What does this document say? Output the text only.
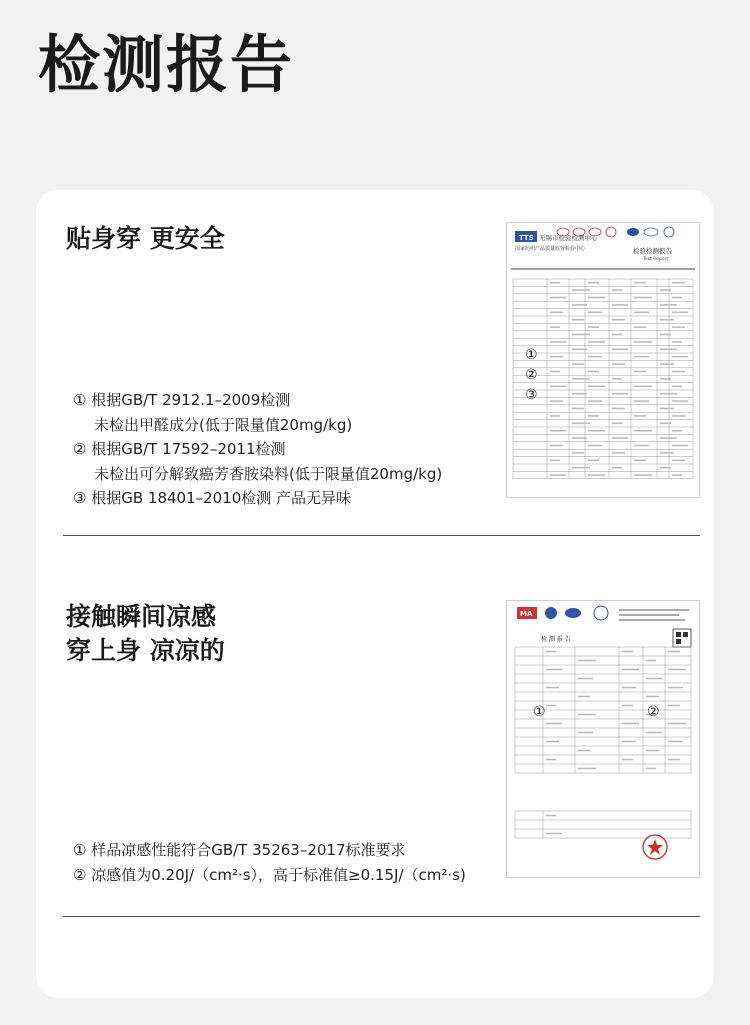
检测报告
贴身穿 更安全
① 根据GB/T 2912.1–2009检测
未检出甲醛成分(低于限量值20mg/kg)
② 根据GB/T 17592–2011检测
未检出可分解致癌芳香胺染料(低于限量值20mg/kg)
③ 根据GB 18401–2010检测 产品无异味
TTS 无锡市检验检测中心
国家纺织产品质量监督检验中心	检验检测报告
Test Report
①
②
③
接触瞬间凉感
穿上身 凉凉的
① 样品凉感性能符合GB/T 35263–2017标准要求
② 凉感值为0.20J/（cm²·s），高于标准值≥0.15J/（cm²·s)
MA
检 测 报 告
①	②
